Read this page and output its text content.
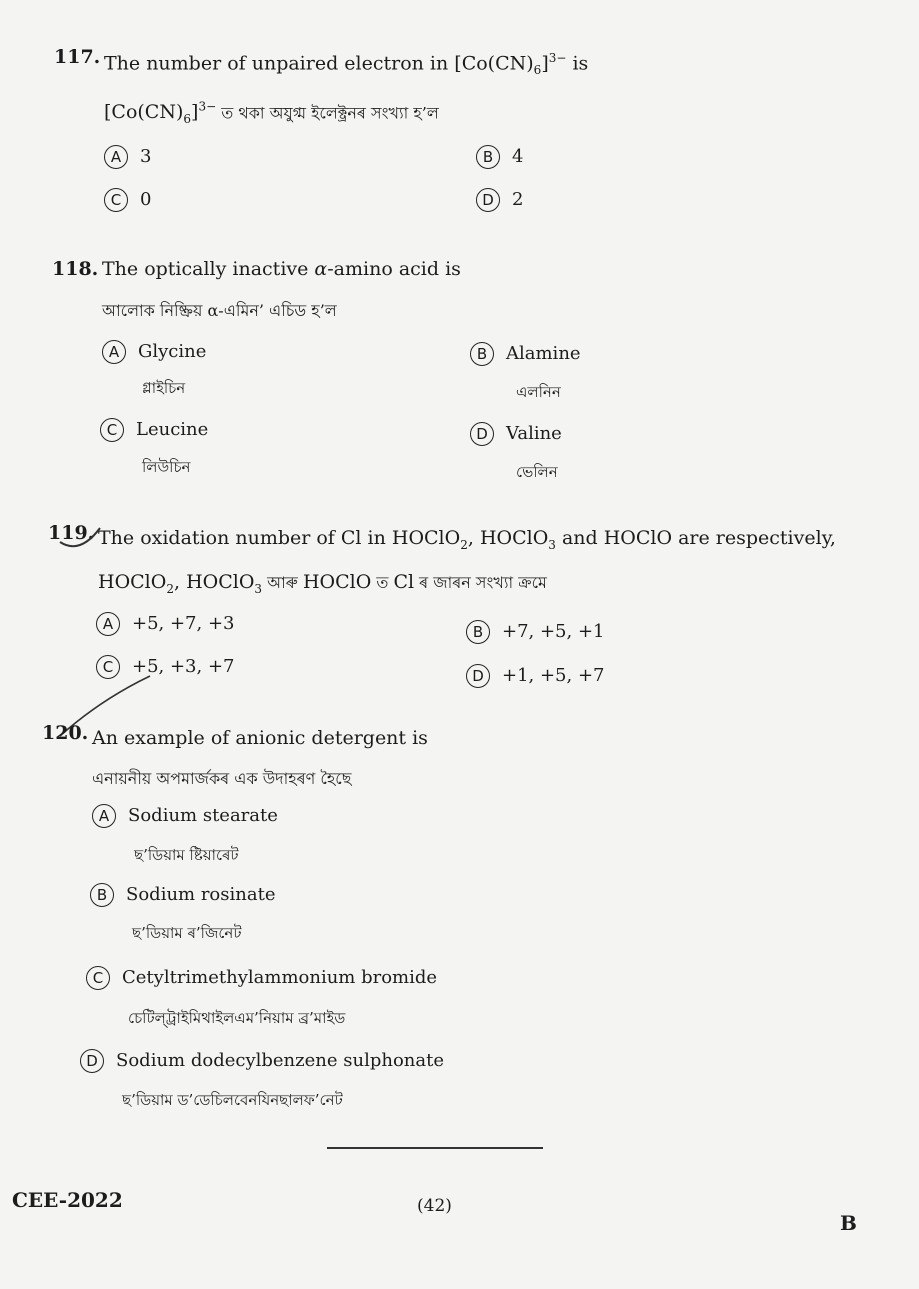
117. The number of unpaired electron in $[Co(CN)_6]^{3-}$ is
$[Co(CN)_6]^{3-}$ ত থকা অযুগ্ম ইলেক্ট্ৰনৰ সংখ্যা হ’ল
A 3	B 4
C 0	D 2
118. The optically inactive α-amino acid is
আলোক নিষ্ক্ৰিয় α-এমিন’ এচিড হ’ল
A Glycine
গ্লাইচিন
B Alamine
এলনিন
C Leucine
লিউচিন
D Valine
ভেলিন
119. The oxidation number of Cl in HOClO$_2$, HOClO$_3$ and HOClO are respectively,
HOClO$_2$, HOClO$_3$ আৰু HOClO ত Cl ৰ জাৰন সংখ্যা ক্ৰমে
A +5, +7, +3	B +7, +5, +1
C +5, +3, +7	D +1, +5, +7
120. An example of anionic detergent is
এনায়নীয় অপমাৰ্জকৰ এক উদাহৰণ হৈছে
A Sodium stearate
ছ’ডিয়াম ষ্টিয়াৰেট
B Sodium rosinate
ছ’ডিয়াম ৰ’জিনেট
C Cetyltrimethylammonium bromide
চেটিল্‌ট্ৰাইমিথাইলএম’নিয়াম ব্ৰ’মাইড
D Sodium dodecylbenzene sulphonate
ছ’ডিয়াম ড’ডেচিলবেনযিনছালফ’নেট
CEE-2022	(42)
B
